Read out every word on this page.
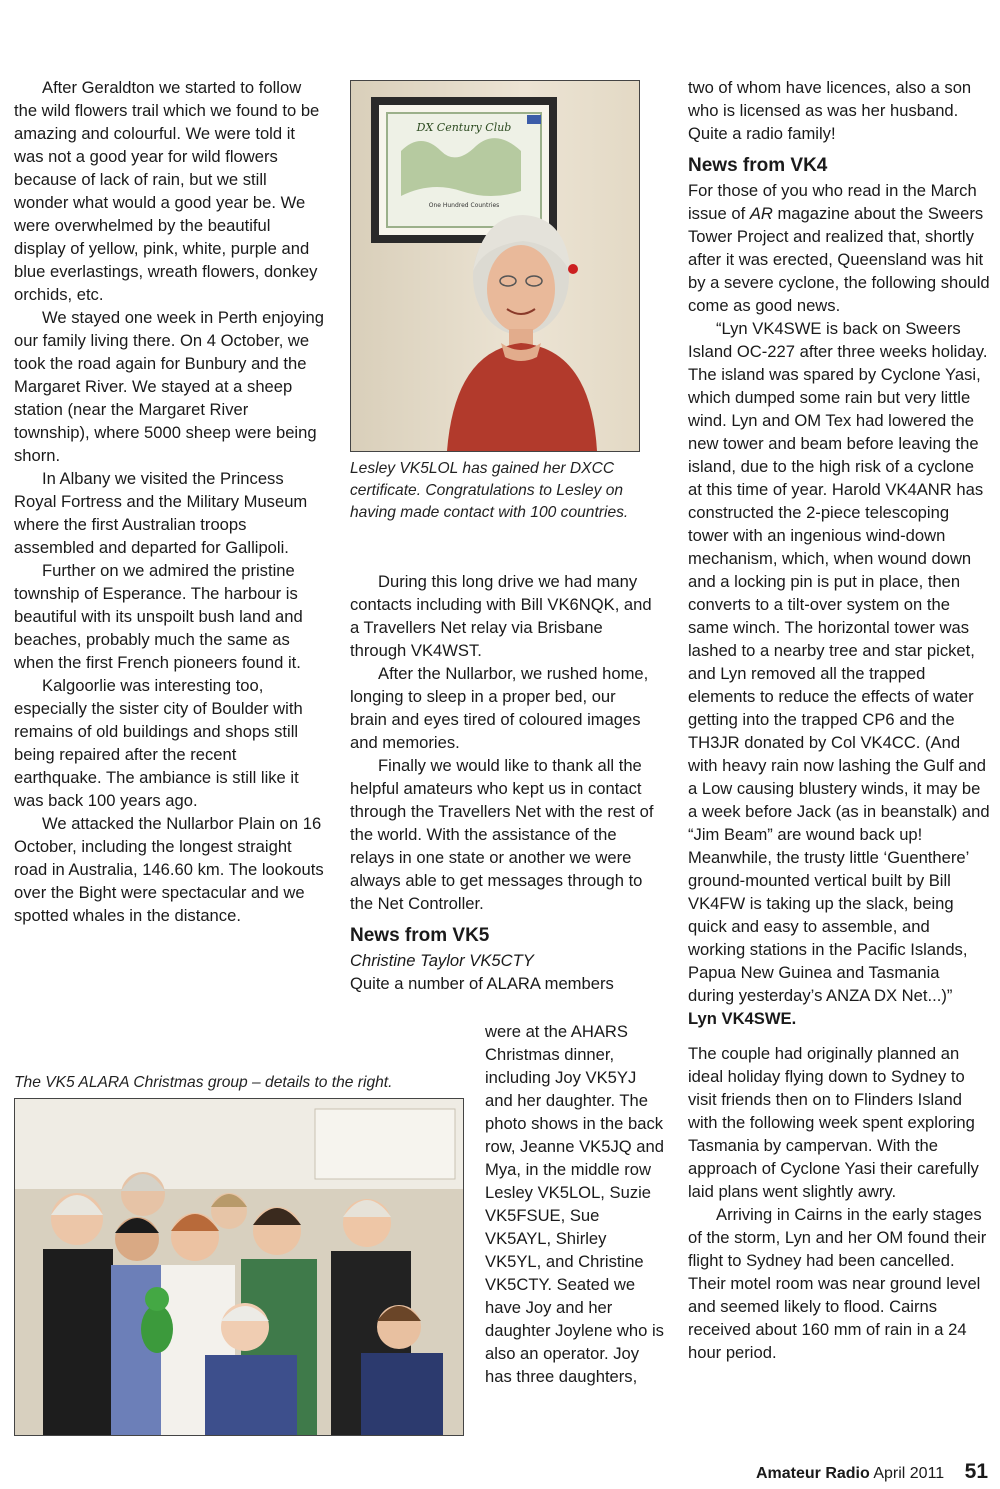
After Geraldton we started to follow the wild flowers trail which we found to be amazing and colourful. We were told it was not a good year for wild flowers because of lack of rain, but we still wonder what would a good year be. We were overwhelmed by the beautiful display of yellow, pink, white, purple and blue everlastings, wreath flowers, donkey orchids, etc.

We stayed one week in Perth enjoying our family living there. On 4 October, we took the road again for Bunbury and the Margaret River. We stayed at a sheep station (near the Margaret River township), where 5000 sheep were being shorn.

In Albany we visited the Princess Royal Fortress and the Military Museum where the first Australian troops assembled and departed for Gallipoli.

Further on we admired the pristine township of Esperance. The harbour is beautiful with its unspoilt bush land and beaches, probably much the same as when the first French pioneers found it.

Kalgoorlie was interesting too, especially the sister city of Boulder with remains of old buildings and shops still being repaired after the recent earthquake. The ambiance is still like it was back 100 years ago.

We attacked the Nullarbor Plain on 16 October, including the longest straight road in Australia, 146.60 km. The lookouts over the Bight were spectacular and we spotted whales in the distance.

DX Century Club
One Hundred Countries
Lesley VK5LOL has gained her DXCC certificate. Congratulations to Lesley on having made contact with 100 countries.

During this long drive we had many contacts including with Bill VK6NQK, and a Travellers Net relay via Brisbane through VK4WST.

After the Nullarbor, we rushed home, longing to sleep in a proper bed, our brain and eyes tired of coloured images and memories.

Finally we would like to thank all the helpful amateurs who kept us in contact through the Travellers Net with the rest of the world. With the assistance of the relays in one state or another we were always able to get messages through to the Net Controller.

News from VK5

Christine Taylor VK5CTY

Quite a number of ALARA members

were at the AHARS Christmas dinner, including Joy VK5YJ and her daughter. The photo shows in the back row, Jeanne VK5JQ and Mya, in the middle row Lesley VK5LOL, Suzie VK5FSUE, Sue VK5AYL, Shirley VK5YL, and Christine VK5CTY. Seated we have Joy and her daughter Joylene who is also an operator. Joy has three daughters,

The VK5 ALARA Christmas group – details to the right.

two of whom have licences, also a son who is licensed as was her husband. Quite a radio family!

News from VK4

For those of you who read in the March issue of AR magazine about the Sweers Tower Project and realized that, shortly after it was erected, Queensland was hit by a severe cyclone, the following should come as good news.

“Lyn VK4SWE is back on Sweers Island OC-227 after three weeks holiday. The island was spared by Cyclone Yasi, which dumped some rain but very little wind. Lyn and OM Tex had lowered the new tower and beam before leaving the island, due to the high risk of a cyclone at this time of year. Harold VK4ANR has constructed the 2-piece telescoping tower with an ingenious wind-down mechanism, which, when wound down and a locking pin is put in place, then converts to a tilt-over system on the same winch. The horizontal tower was lashed to a nearby tree and star picket, and Lyn removed all the trapped elements to reduce the effects of water getting into the trapped CP6 and the TH3JR donated by Col VK4CC. (And with heavy rain now lashing the Gulf and a Low causing blustery winds, it may be a week before Jack (as in beanstalk) and “Jim Beam” are wound back up! Meanwhile, the trusty little ‘Guenthere’ ground-mounted vertical built by Bill VK4FW is taking up the slack, being quick and easy to assemble, and working stations in the Pacific Islands, Papua New Guinea and Tasmania during yesterday’s ANZA DX Net...)”

Lyn VK4SWE.

The couple had originally planned an ideal holiday flying down to Sydney to visit friends then on to Flinders Island with the following week spent exploring Tasmania by campervan. With the approach of Cyclone Yasi their carefully laid plans went slightly awry.

Arriving in Cairns in the early stages of the storm, Lyn and her OM found their flight to Sydney had been cancelled. Their motel room was near ground level and seemed likely to flood. Cairns received about 160 mm of rain in a 24 hour period.

Amateur Radio April 2011 51
